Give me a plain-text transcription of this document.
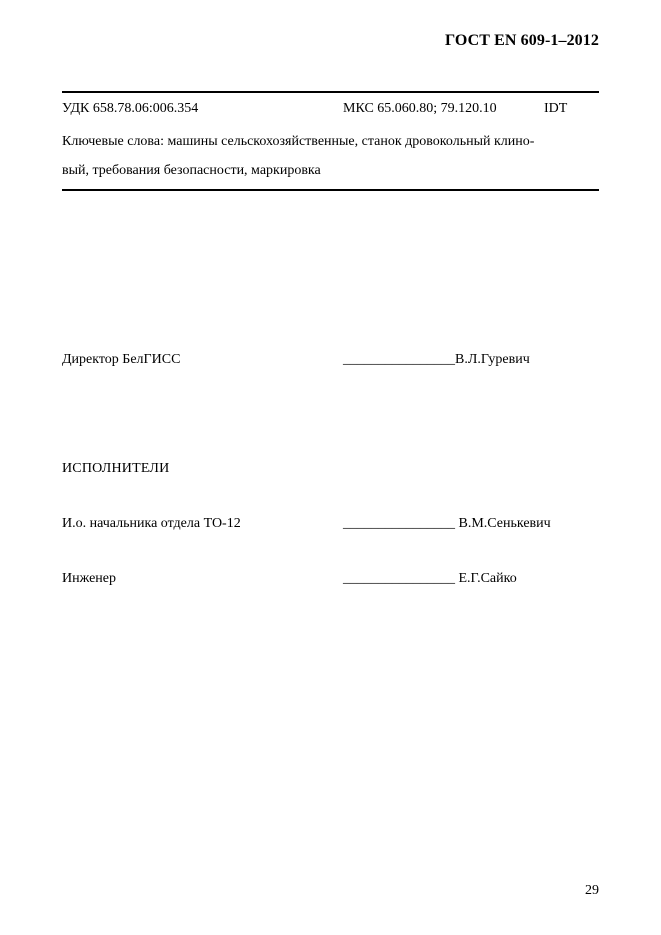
ГОСТ EN 609-1–2012
УДК 658.78.06:006.354	МКС 65.060.80; 79.120.10	IDT

Ключевые слова: машины сельскохозяйственные, станок дровокольный клино-
вый, требования безопасности, маркировка

Директор БелГИСС	________________В.Л.Гуревич
ИСПОЛНИТЕЛИ
И.о. начальника отдела ТО-12	________________ В.М.Сенькевич
Инженер	________________ Е.Г.Сайко
29
